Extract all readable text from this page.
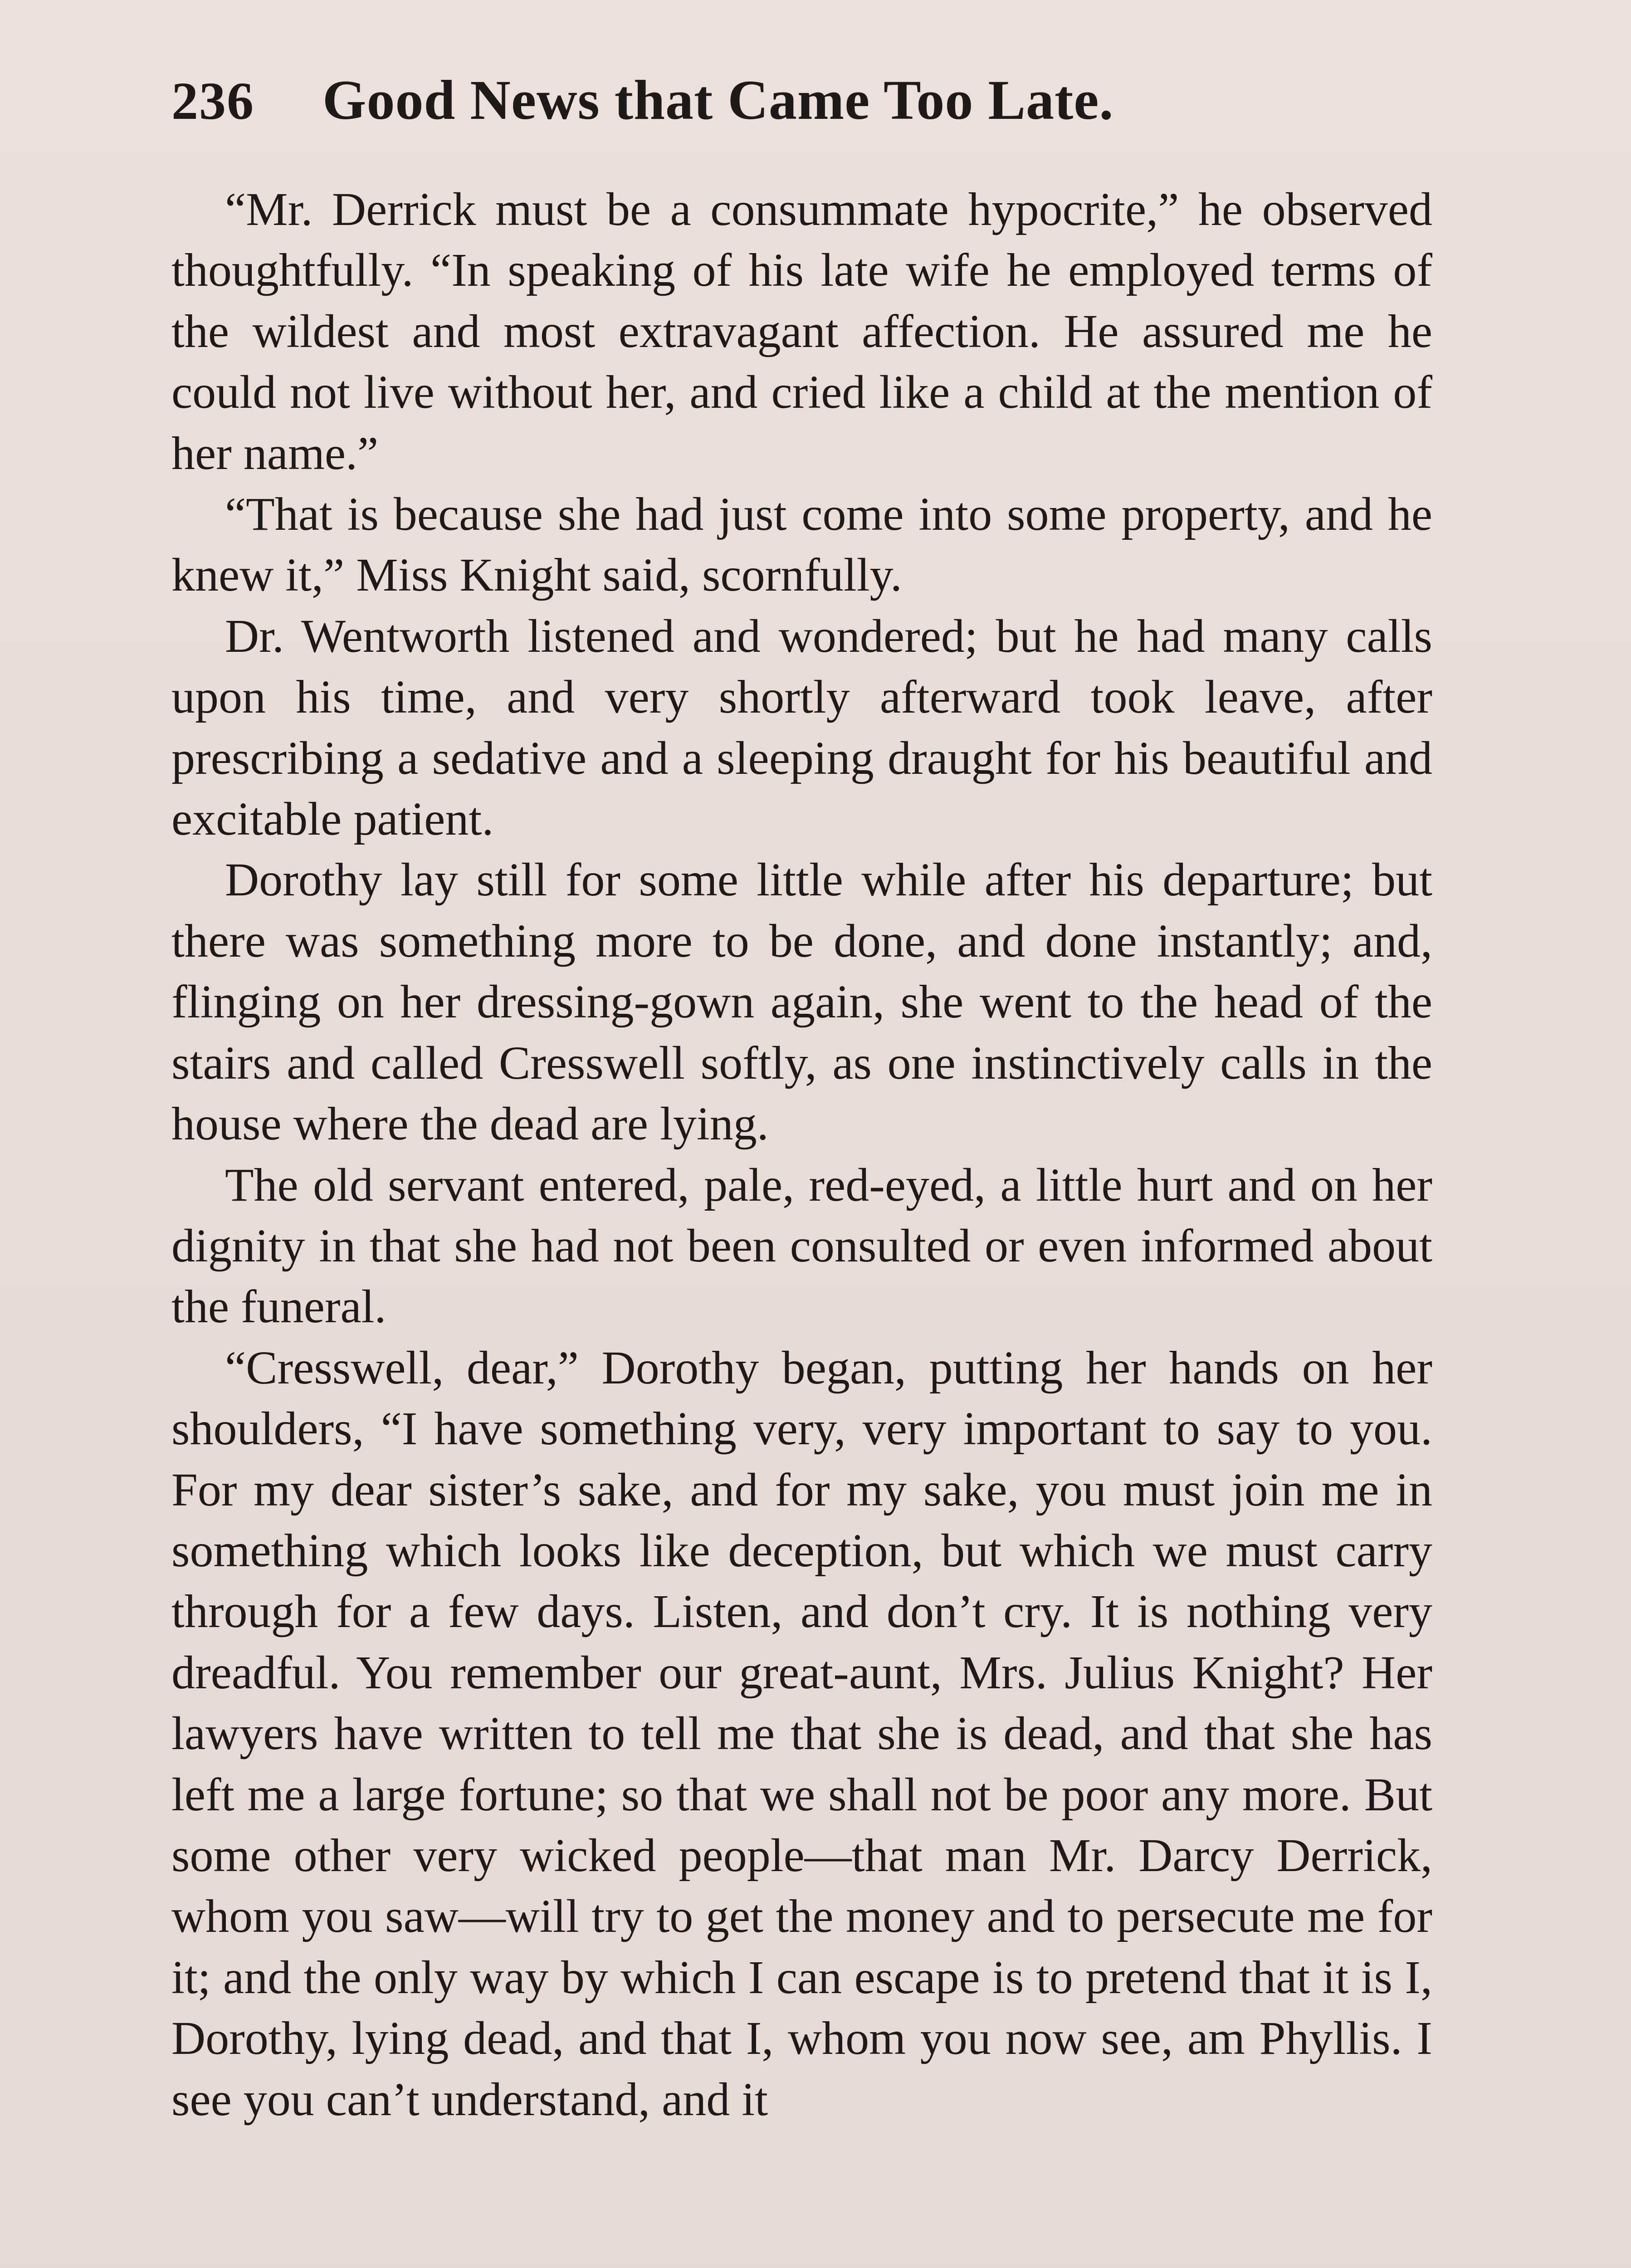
236 Good News that Came Too Late.

“Mr. Derrick must be a consummate hypocrite,” he observed thoughtfully. “In speaking of his late wife he employed terms of the wildest and most extravagant affection. He assured me he could not live without her, and cried like a child at the mention of her name.”

“That is because she had just come into some property, and he knew it,” Miss Knight said, scornfully.

Dr. Wentworth listened and wondered; but he had many calls upon his time, and very shortly afterward took leave, after prescribing a sedative and a sleeping draught for his beautiful and excitable patient.

Dorothy lay still for some little while after his departure; but there was something more to be done, and done instantly; and, flinging on her dressing-gown again, she went to the head of the stairs and called Cresswell softly, as one instinctively calls in the house where the dead are lying.

The old servant entered, pale, red-eyed, a little hurt and on her dignity in that she had not been consulted or even informed about the funeral.

“Cresswell, dear,” Dorothy began, putting her hands on her shoulders, “I have something very, very important to say to you. For my dear sister’s sake, and for my sake, you must join me in something which looks like deception, but which we must carry through for a few days. Listen, and don’t cry. It is nothing very dreadful. You remember our great-aunt, Mrs. Julius Knight? Her lawyers have written to tell me that she is dead, and that she has left me a large fortune; so that we shall not be poor any more. But some other very wicked people—that man Mr. Darcy Derrick, whom you saw—will try to get the money and to persecute me for it; and the only way by which I can escape is to pretend that it is I, Dorothy, lying dead, and that I, whom you now see, am Phyllis. I see you can’t understand, and it
